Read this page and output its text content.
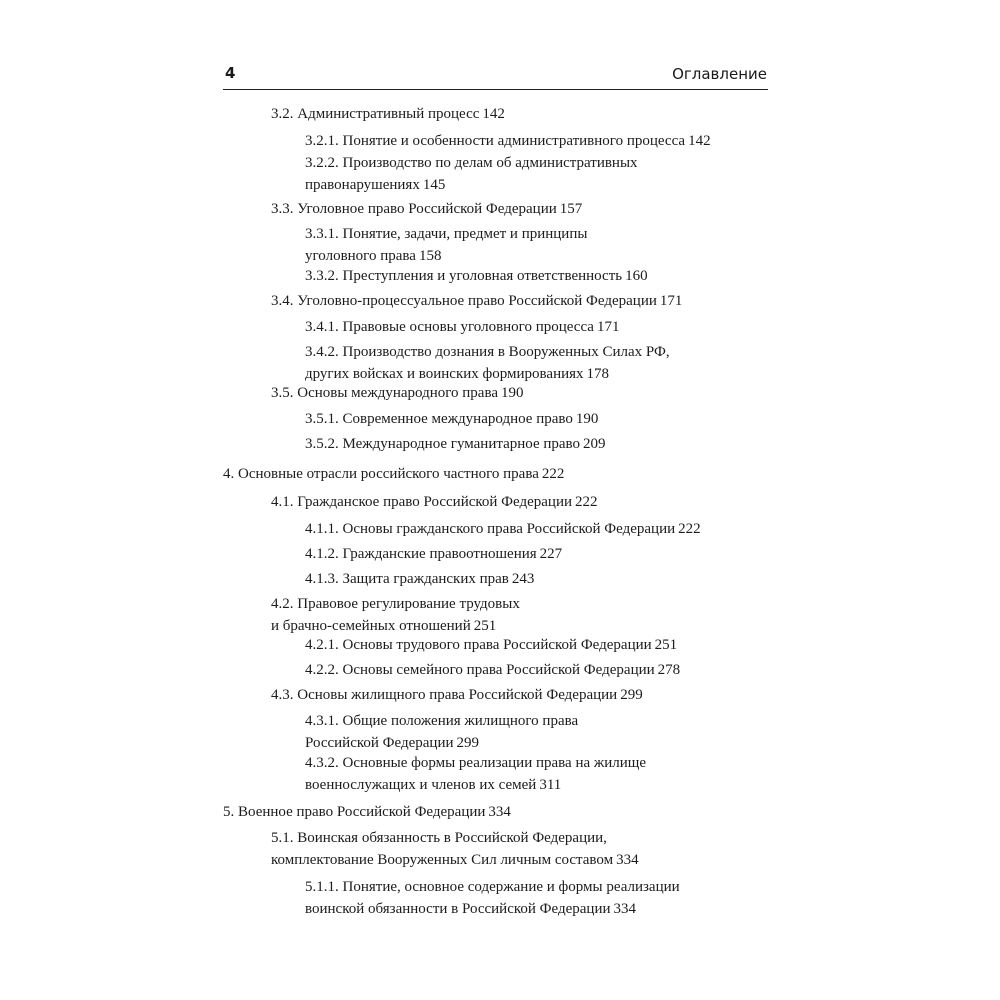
4	Оглавление
3.2. Административный процесс 142
3.2.1. Понятие и особенности административного процесса 142
3.2.2. Производство по делам об административных
правонарушениях 145
3.3. Уголовное право Российской Федерации 157
3.3.1. Понятие, задачи, предмет и принципы
уголовного права 158
3.3.2. Преступления и уголовная ответственность 160
3.4. Уголовно-процессуальное право Российской Федерации 171
3.4.1. Правовые основы уголовного процесса 171
3.4.2. Производство дознания в Вооруженных Силах РФ,
других войсках и воинских формированиях 178
3.5. Основы международного права 190
3.5.1. Современное международное право 190
3.5.2. Международное гуманитарное право 209
4. Основные отрасли российского частного права 222
4.1. Гражданское право Российской Федерации 222
4.1.1. Основы гражданского права Российской Федерации 222
4.1.2. Гражданские правоотношения 227
4.1.3. Защита гражданских прав 243
4.2. Правовое регулирование трудовых
и брачно-семейных отношений 251
4.2.1. Основы трудового права Российской Федерации 251
4.2.2. Основы семейного права Российской Федерации 278
4.3. Основы жилищного права Российской Федерации 299
4.3.1. Общие положения жилищного права
Российской Федерации 299
4.3.2. Основные формы реализации права на жилище
военнослужащих и членов их семей 311
5. Военное право Российской Федерации 334
5.1. Воинская обязанность в Российской Федерации,
комплектование Вооруженных Сил личным составом 334
5.1.1. Понятие, основное содержание и формы реализации
воинской обязанности в Российской Федерации 334
